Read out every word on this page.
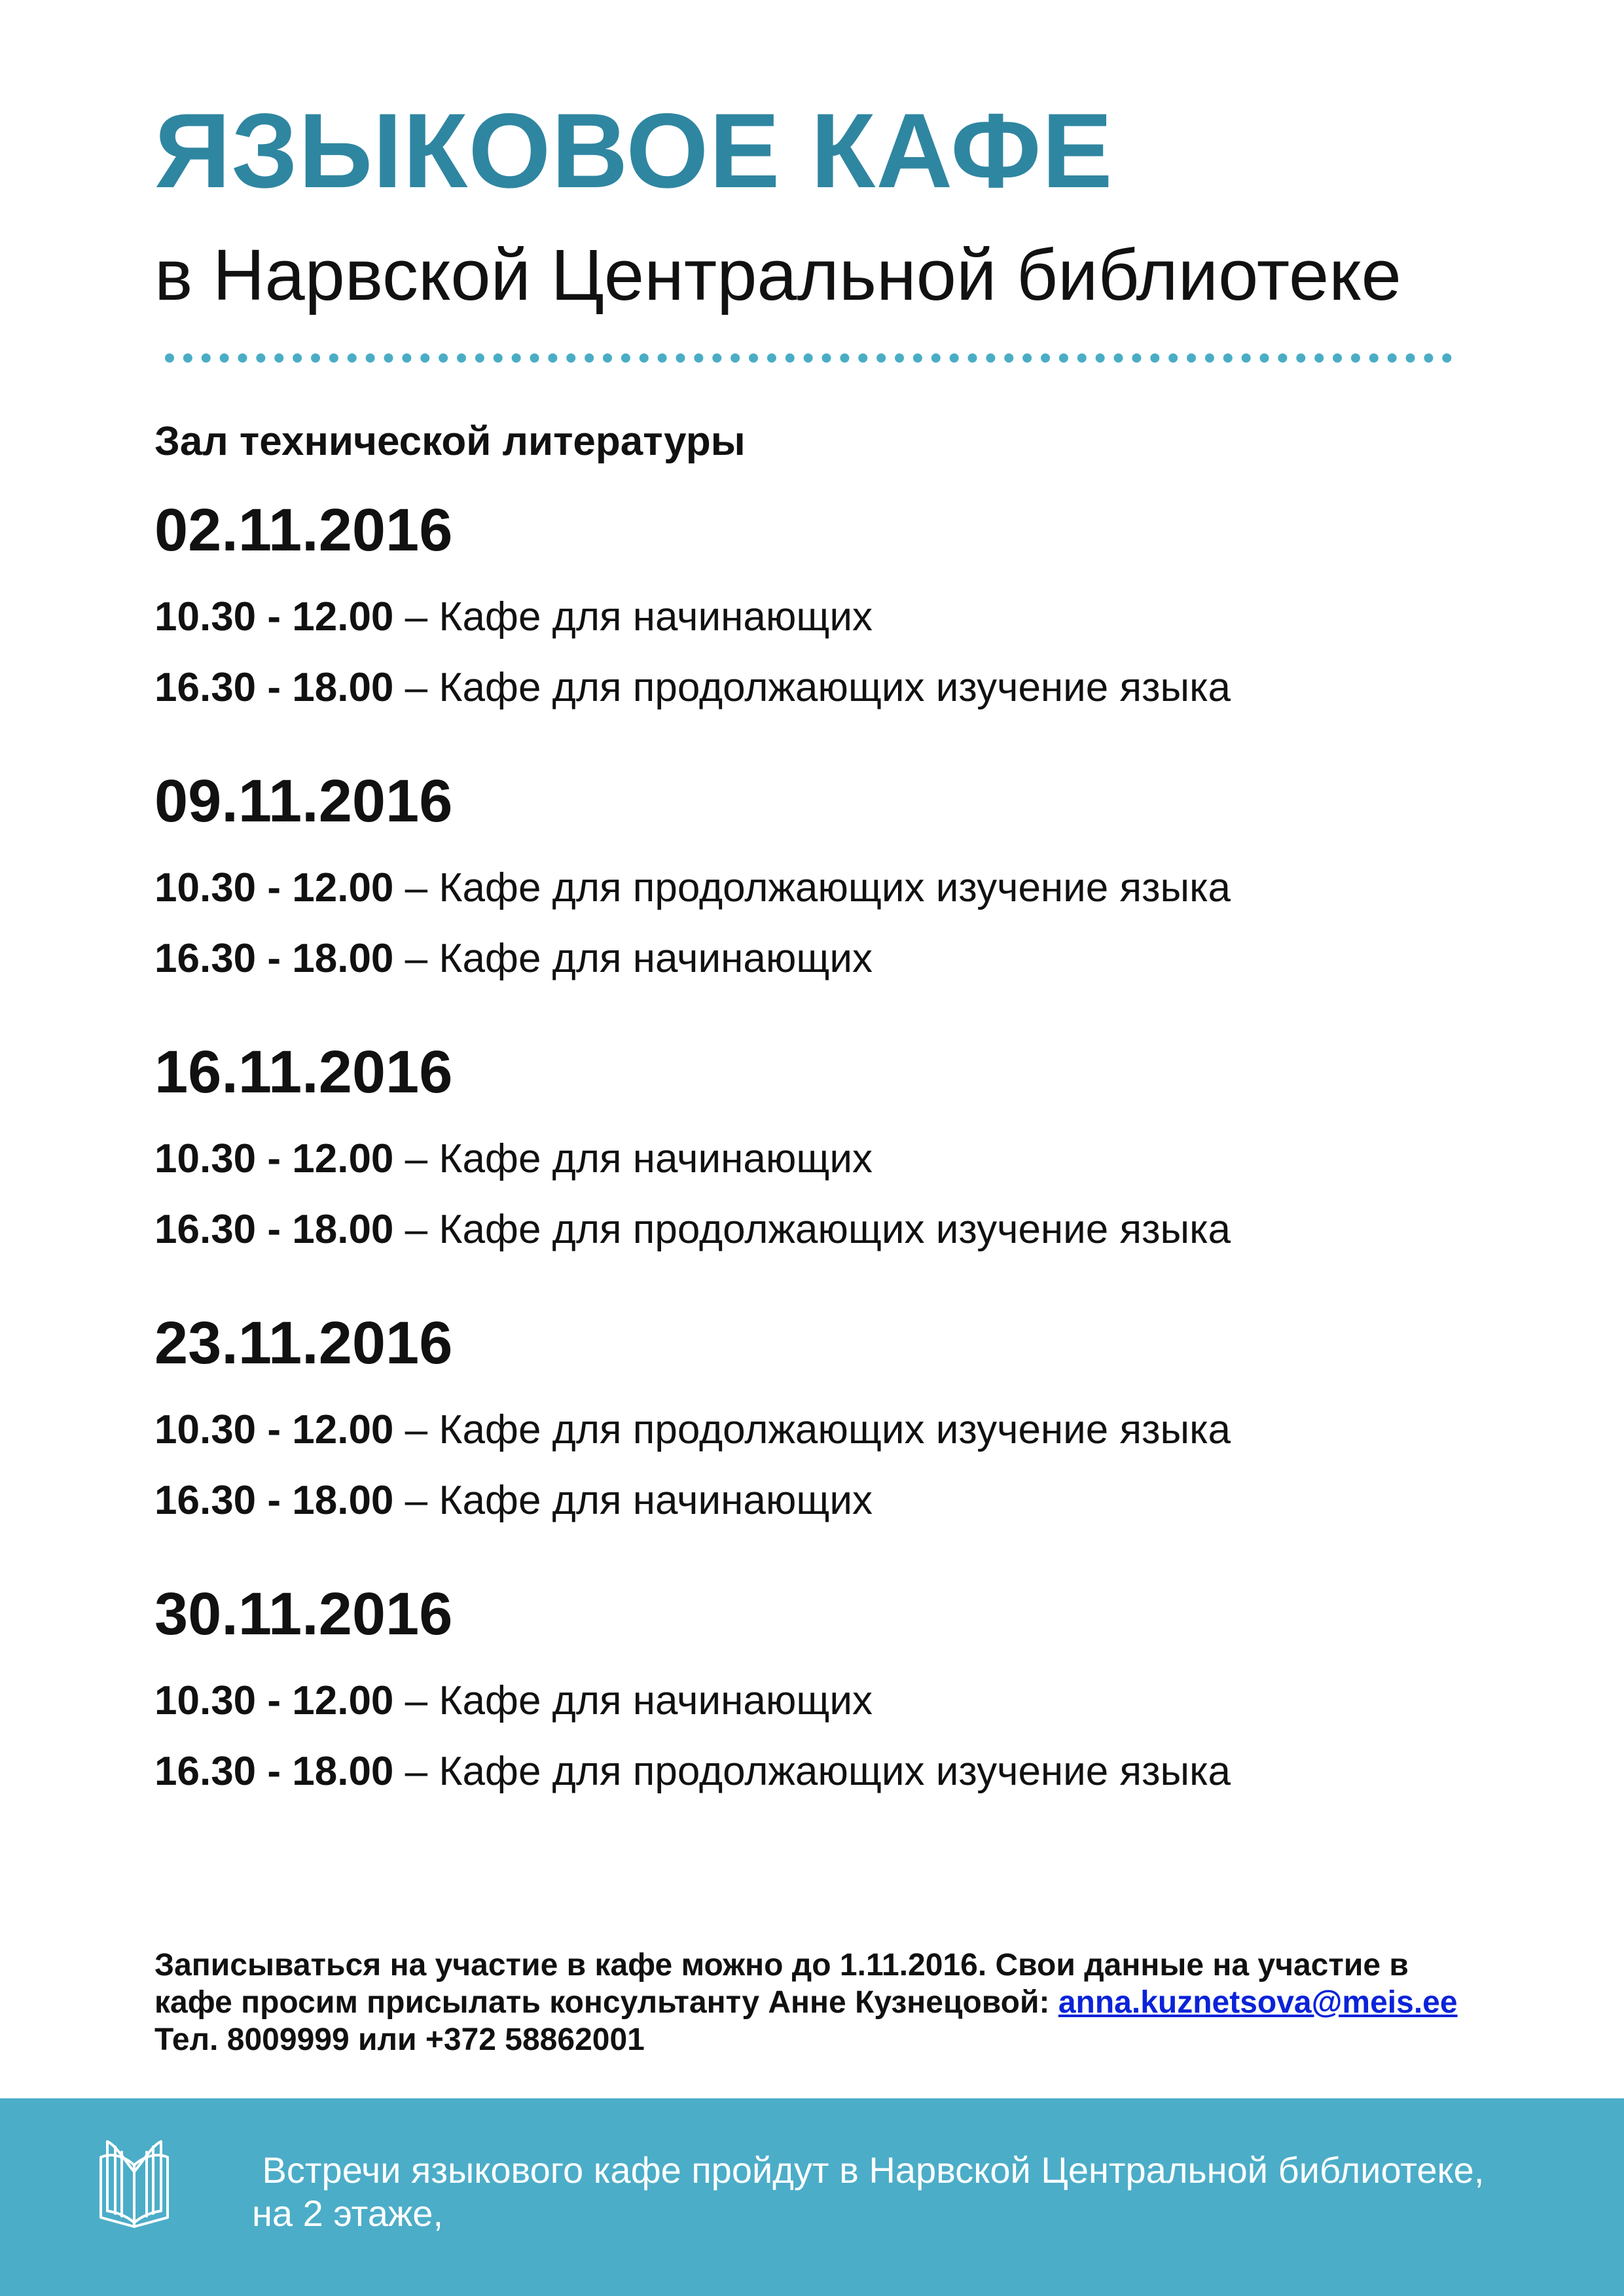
ЯЗЫКОВОЕ КАФЕ
в Нарвской Центральной библиотеке
Зал технической литературы
02.11.2016
10.30 - 12.00 – Кафе для начинающих
16.30 - 18.00 – Кафе для продолжающих изучение языка
09.11.2016
10.30 - 12.00 – Кафе для продолжающих изучение языка
16.30 - 18.00 – Кафе для начинающих
16.11.2016
10.30 - 12.00 – Кафе для начинающих
16.30 - 18.00 – Кафе для продолжающих изучение языка
23.11.2016
10.30 - 12.00 – Кафе для продолжающих изучение языка
16.30 - 18.00 – Кафе для начинающих
30.11.2016
10.30 - 12.00 – Кафе для начинающих
16.30 - 18.00 – Кафе для продолжающих изучение языка
Записываться на участие в кафе можно до 1.11.2016. Свои данные на участие в
кафе просим присылать консультанту Анне Кузнецовой: anna.kuznetsova@meis.ee
Тел. 8009999 или +372 58862001
Встречи языкового кафе пройдут в Нарвской Центральной библиотеке,
на 2 этаже,
